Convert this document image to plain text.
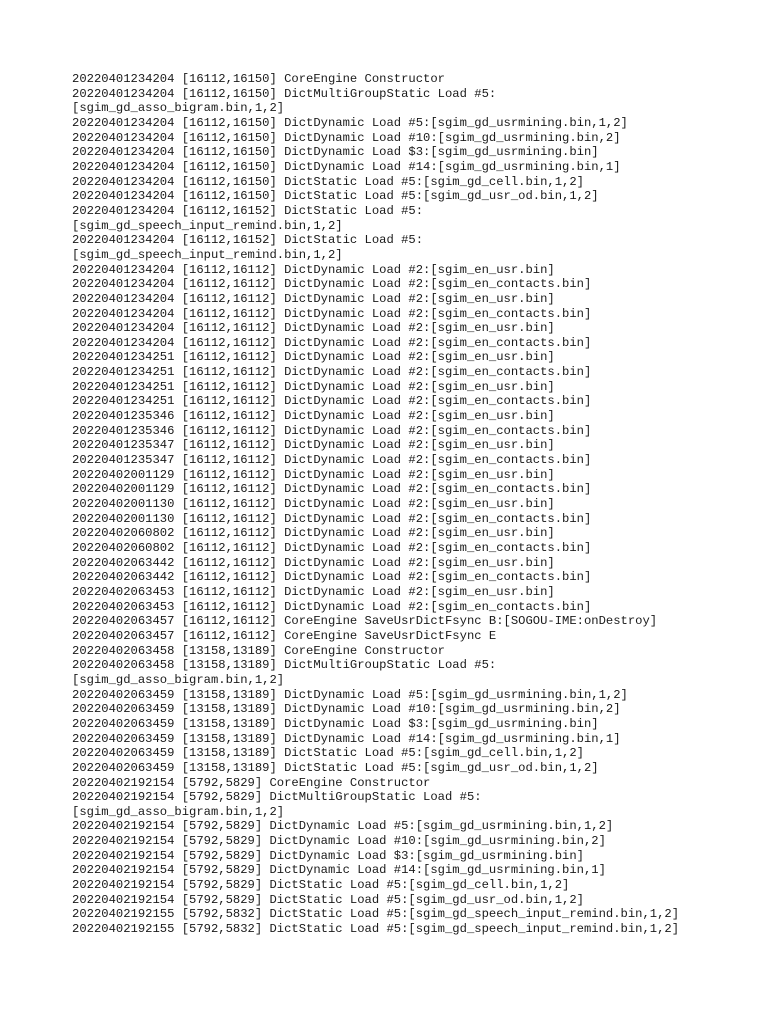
20220401234204 [16112,16150] CoreEngine Constructor
20220401234204 [16112,16150] DictMultiGroupStatic Load #5:
[sgim_gd_asso_bigram.bin,1,2]
20220401234204 [16112,16150] DictDynamic Load #5:[sgim_gd_usrmining.bin,1,2]
20220401234204 [16112,16150] DictDynamic Load #10:[sgim_gd_usrmining.bin,2]
20220401234204 [16112,16150] DictDynamic Load $3:[sgim_gd_usrmining.bin]
20220401234204 [16112,16150] DictDynamic Load #14:[sgim_gd_usrmining.bin,1]
20220401234204 [16112,16150] DictStatic Load #5:[sgim_gd_cell.bin,1,2]
20220401234204 [16112,16150] DictStatic Load #5:[sgim_gd_usr_od.bin,1,2]
20220401234204 [16112,16152] DictStatic Load #5:
[sgim_gd_speech_input_remind.bin,1,2]
20220401234204 [16112,16152] DictStatic Load #5:
[sgim_gd_speech_input_remind.bin,1,2]
20220401234204 [16112,16112] DictDynamic Load #2:[sgim_en_usr.bin]
20220401234204 [16112,16112] DictDynamic Load #2:[sgim_en_contacts.bin]
20220401234204 [16112,16112] DictDynamic Load #2:[sgim_en_usr.bin]
20220401234204 [16112,16112] DictDynamic Load #2:[sgim_en_contacts.bin]
20220401234204 [16112,16112] DictDynamic Load #2:[sgim_en_usr.bin]
20220401234204 [16112,16112] DictDynamic Load #2:[sgim_en_contacts.bin]
20220401234251 [16112,16112] DictDynamic Load #2:[sgim_en_usr.bin]
20220401234251 [16112,16112] DictDynamic Load #2:[sgim_en_contacts.bin]
20220401234251 [16112,16112] DictDynamic Load #2:[sgim_en_usr.bin]
20220401234251 [16112,16112] DictDynamic Load #2:[sgim_en_contacts.bin]
20220401235346 [16112,16112] DictDynamic Load #2:[sgim_en_usr.bin]
20220401235346 [16112,16112] DictDynamic Load #2:[sgim_en_contacts.bin]
20220401235347 [16112,16112] DictDynamic Load #2:[sgim_en_usr.bin]
20220401235347 [16112,16112] DictDynamic Load #2:[sgim_en_contacts.bin]
20220402001129 [16112,16112] DictDynamic Load #2:[sgim_en_usr.bin]
20220402001129 [16112,16112] DictDynamic Load #2:[sgim_en_contacts.bin]
20220402001130 [16112,16112] DictDynamic Load #2:[sgim_en_usr.bin]
20220402001130 [16112,16112] DictDynamic Load #2:[sgim_en_contacts.bin]
20220402060802 [16112,16112] DictDynamic Load #2:[sgim_en_usr.bin]
20220402060802 [16112,16112] DictDynamic Load #2:[sgim_en_contacts.bin]
20220402063442 [16112,16112] DictDynamic Load #2:[sgim_en_usr.bin]
20220402063442 [16112,16112] DictDynamic Load #2:[sgim_en_contacts.bin]
20220402063453 [16112,16112] DictDynamic Load #2:[sgim_en_usr.bin]
20220402063453 [16112,16112] DictDynamic Load #2:[sgim_en_contacts.bin]
20220402063457 [16112,16112] CoreEngine SaveUsrDictFsync B:[SOGOU-IME:onDestroy]
20220402063457 [16112,16112] CoreEngine SaveUsrDictFsync E
20220402063458 [13158,13189] CoreEngine Constructor
20220402063458 [13158,13189] DictMultiGroupStatic Load #5:
[sgim_gd_asso_bigram.bin,1,2]
20220402063459 [13158,13189] DictDynamic Load #5:[sgim_gd_usrmining.bin,1,2]
20220402063459 [13158,13189] DictDynamic Load #10:[sgim_gd_usrmining.bin,2]
20220402063459 [13158,13189] DictDynamic Load $3:[sgim_gd_usrmining.bin]
20220402063459 [13158,13189] DictDynamic Load #14:[sgim_gd_usrmining.bin,1]
20220402063459 [13158,13189] DictStatic Load #5:[sgim_gd_cell.bin,1,2]
20220402063459 [13158,13189] DictStatic Load #5:[sgim_gd_usr_od.bin,1,2]
20220402192154 [5792,5829] CoreEngine Constructor
20220402192154 [5792,5829] DictMultiGroupStatic Load #5:
[sgim_gd_asso_bigram.bin,1,2]
20220402192154 [5792,5829] DictDynamic Load #5:[sgim_gd_usrmining.bin,1,2]
20220402192154 [5792,5829] DictDynamic Load #10:[sgim_gd_usrmining.bin,2]
20220402192154 [5792,5829] DictDynamic Load $3:[sgim_gd_usrmining.bin]
20220402192154 [5792,5829] DictDynamic Load #14:[sgim_gd_usrmining.bin,1]
20220402192154 [5792,5829] DictStatic Load #5:[sgim_gd_cell.bin,1,2]
20220402192154 [5792,5829] DictStatic Load #5:[sgim_gd_usr_od.bin,1,2]
20220402192155 [5792,5832] DictStatic Load #5:[sgim_gd_speech_input_remind.bin,1,2]
20220402192155 [5792,5832] DictStatic Load #5:[sgim_gd_speech_input_remind.bin,1,2]
